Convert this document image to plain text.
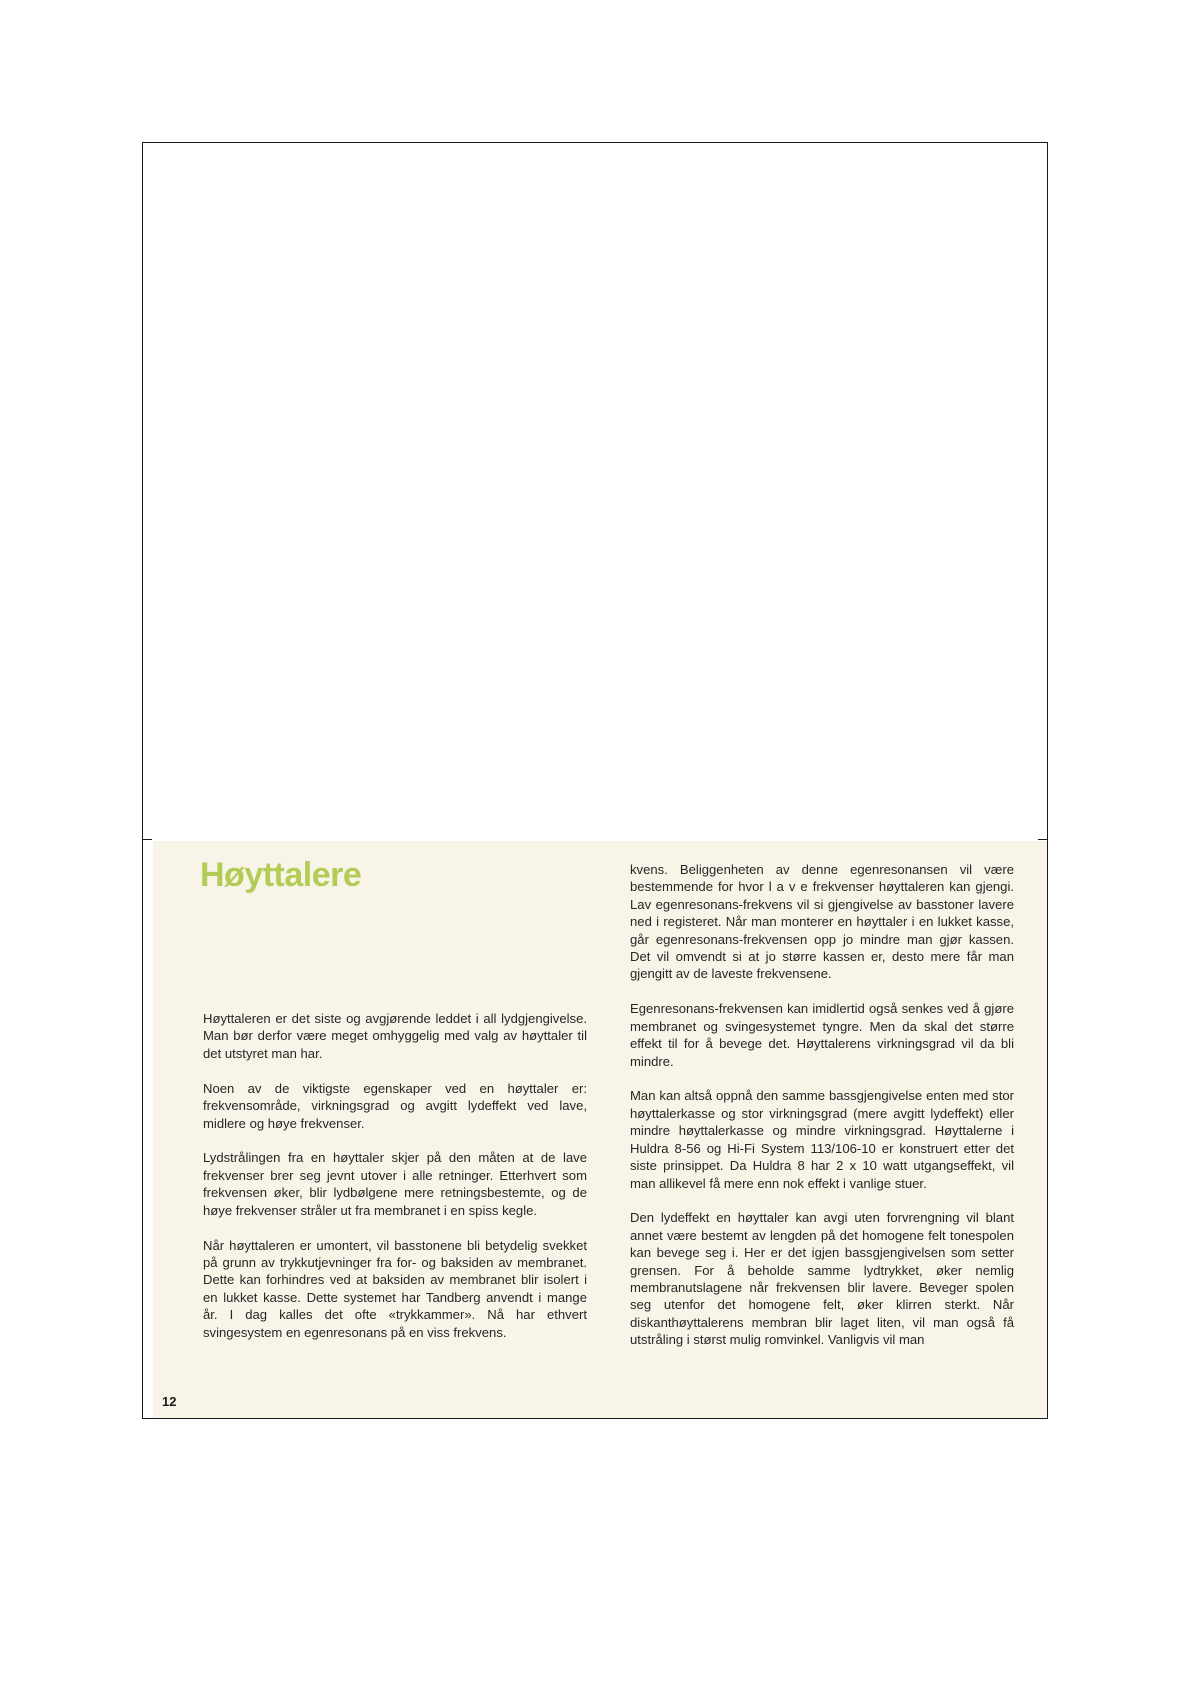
Høyttalere

Høyttaleren er det siste og avgjørende leddet i all lydgjengivelse. Man bør derfor være meget omhyggelig med valg av høyttaler til det utstyret man har.

Noen av de viktigste egenskaper ved en høyttaler er: frekvensområde, virkningsgrad og avgitt lydeffekt ved lave, midlere og høye frekvenser.

Lydstrålingen fra en høyttaler skjer på den måten at de lave frekvenser brer seg jevnt utover i alle retninger. Etterhvert som frekvensen øker, blir lydbølgene mere retningsbestemte, og de høye frekvenser stråler ut fra membranet i en spiss kegle.

Når høyttaleren er umontert, vil basstonene bli betydelig svekket på grunn av trykkutjevninger fra for- og baksiden av membranet. Dette kan forhindres ved at baksiden av membranet blir isolert i en lukket kasse. Dette systemet har Tandberg anvendt i mange år. I dag kalles det ofte «trykkammer». Nå har ethvert svingesystem en egenresonans på en viss frekvens.

kvens. Beliggenheten av denne egenresonansen vil være bestemmende for hvor l a v e frekvenser høyttaleren kan gjengi. Lav egenresonans-frekvens vil si gjengivelse av basstoner lavere ned i registeret. Når man monterer en høyttaler i en lukket kasse, går egenresonans-frekvensen opp jo mindre man gjør kassen. Det vil omvendt si at jo større kassen er, desto mere får man gjengitt av de laveste frekvensene.

Egenresonans-frekvensen kan imidlertid også senkes ved å gjøre membranet og svingesystemet tyngre. Men da skal det større effekt til for å bevege det. Høyttalerens virkningsgrad vil da bli mindre.

Man kan altså oppnå den samme bassgjengivelse enten med stor høyttalerkasse og stor virkningsgrad (mere avgitt lydeffekt) eller mindre høyttalerkasse og mindre virkningsgrad. Høyttalerne i Huldra 8-56 og Hi-Fi System 113/106-10 er konstruert etter det siste prinsippet. Da Huldra 8 har 2 x 10 watt utgangseffekt, vil man allikevel få mere enn nok effekt i vanlige stuer.

Den lydeffekt en høyttaler kan avgi uten forvrengning vil blant annet være bestemt av lengden på det homogene felt tonespolen kan bevege seg i. Her er det igjen bassgjengivelsen som setter grensen. For å beholde samme lydtrykket, øker nemlig membranutslagene når frekvensen blir lavere. Beveger spolen seg utenfor det homogene felt, øker klirren sterkt. Når diskanthøyttalerens membran blir laget liten, vil man også få utstråling i størst mulig romvinkel. Vanligvis vil man

12
